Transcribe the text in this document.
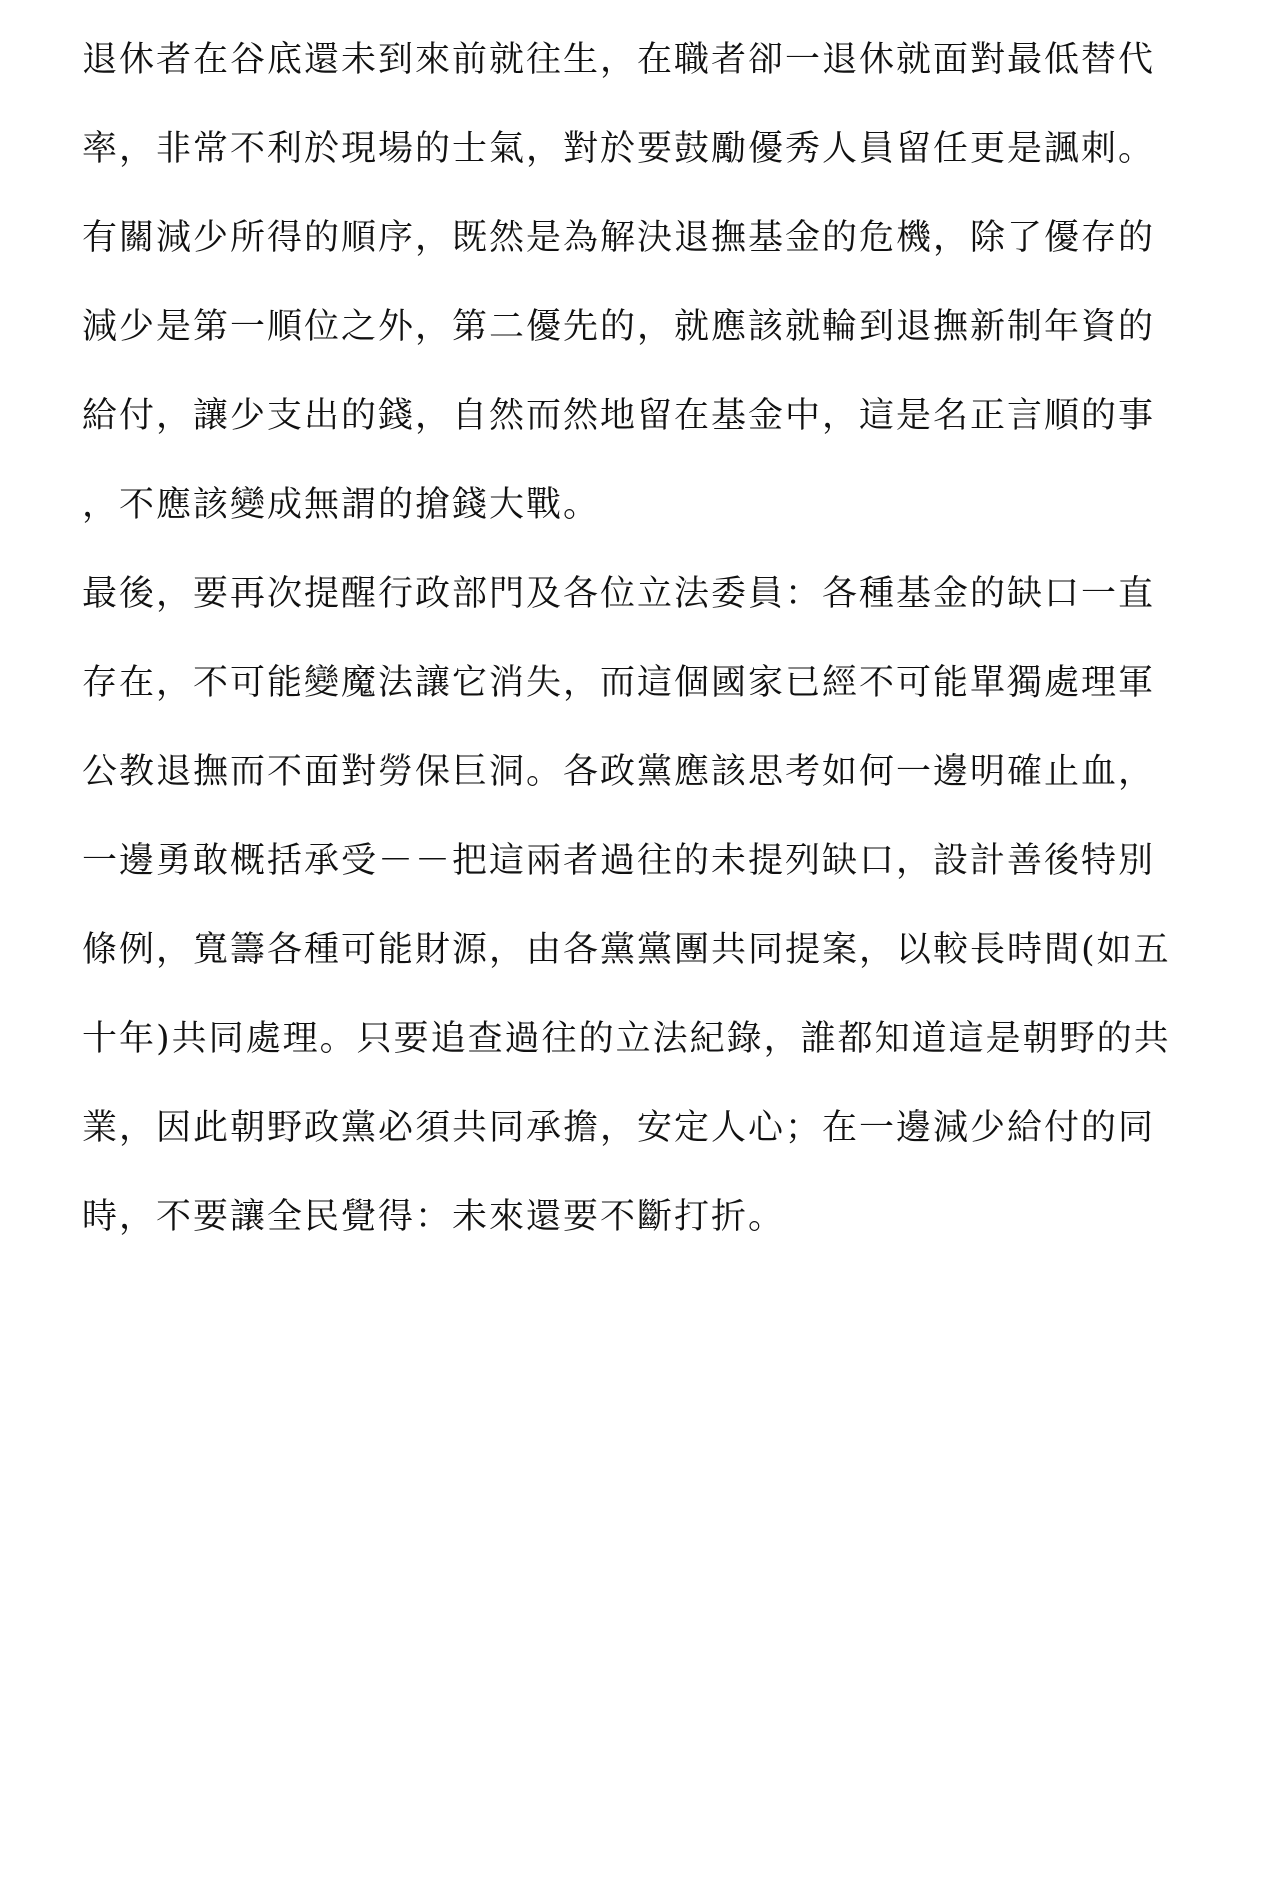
退休者在谷底還未到來前就往生，在職者卻一退休就面對最低替代
率，非常不利於現場的士氣，對於要鼓勵優秀人員留任更是諷刺。
有關減少所得的順序，既然是為解決退撫基金的危機，除了優存的
減少是第一順位之外，第二優先的，就應該就輪到退撫新制年資的
給付，讓少支出的錢，自然而然地留在基金中，這是名正言順的事
，不應該變成無謂的搶錢大戰。
最後，要再次提醒行政部門及各位立法委員：各種基金的缺口一直
存在，不可能變魔法讓它消失，而這個國家已經不可能單獨處理軍
公教退撫而不面對勞保巨洞。各政黨應該思考如何一邊明確止血，
一邊勇敢概括承受－－把這兩者過往的未提列缺口，設計善後特別
條例，寬籌各種可能財源，由各黨黨團共同提案，以較長時間(如五
十年)共同處理。只要追查過往的立法紀錄，誰都知道這是朝野的共
業，因此朝野政黨必須共同承擔，安定人心；在一邊減少給付的同
時，不要讓全民覺得：未來還要不斷打折。
